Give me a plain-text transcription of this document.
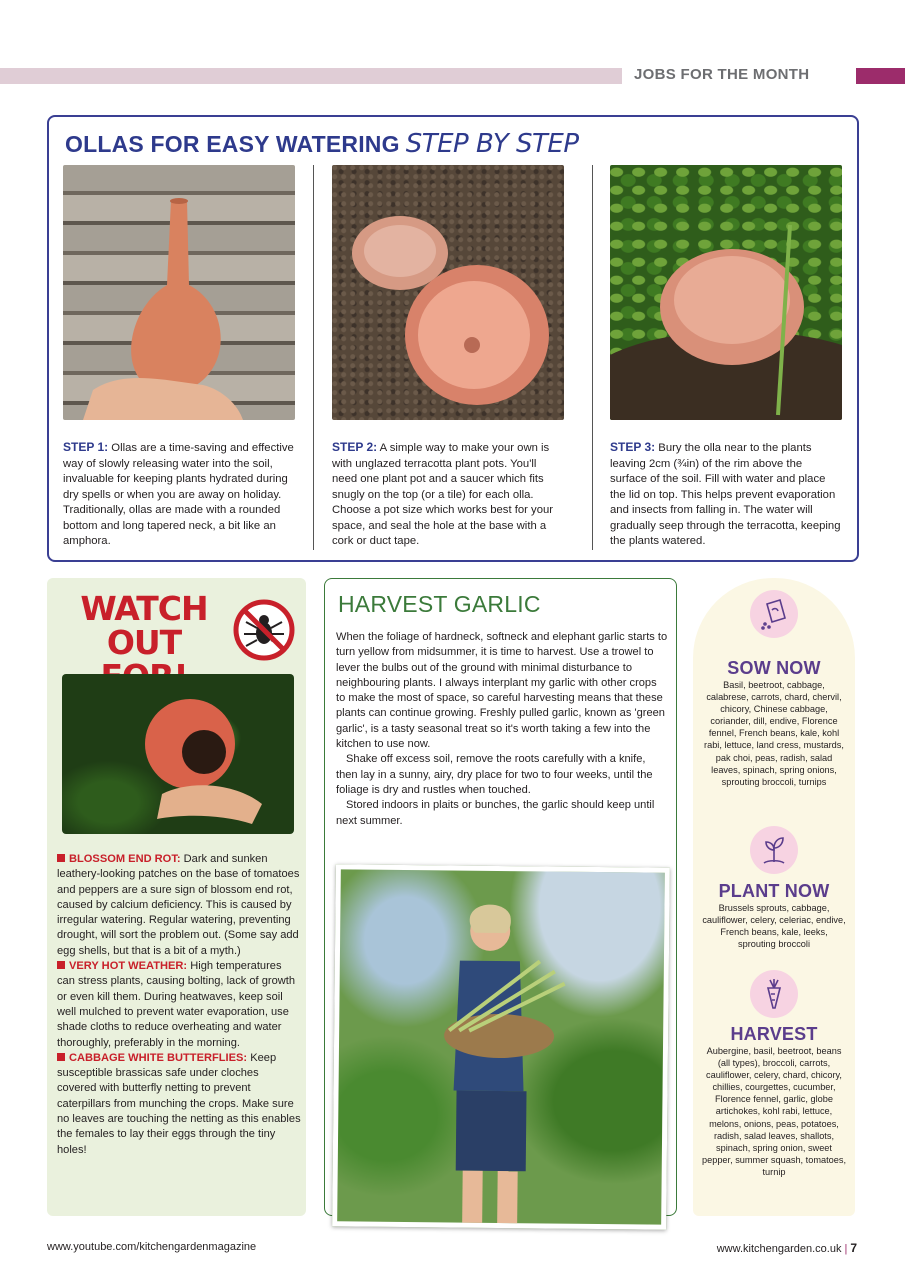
JOBS FOR THE MONTH
OLLAS FOR EASY WATERING STEP BY STEP

STEP 1: Ollas are a time-saving and effective way of slowly releasing water into the soil, invaluable for keeping plants hydrated during dry spells or when you are away on holiday. Traditionally, ollas are made with a rounded bottom and long tapered neck, a bit like an amphora.

STEP 2: A simple way to make your own is with unglazed terracotta plant pots. You'll need one plant pot and a saucer which fits snugly on the top (or a tile) for each olla. Choose a pot size which works best for your space, and seal the hole at the base with a cork or duct tape.

STEP 3: Bury the olla near to the plants leaving 2cm (¾in) of the rim above the surface of the soil. Fill with water and place the lid on top. This helps prevent evaporation and insects from falling in. The water will gradually seep through the terracotta, keeping the plants watered.

WATCH
OUT
BLOSSOM END ROT: Dark and sunken leathery-looking patches on the base of tomatoes and peppers are a sure sign of blossom end rot, caused by calcium deficiency. This is caused by irregular watering. Regular watering, preventing drought, will sort the problem out. (Some say add egg shells, but that is a bit of a myth.)
VERY HOT WEATHER: High temperatures can stress plants, causing bolting, lack of growth or even kill them. During heatwaves, keep soil well mulched to prevent water evaporation, use shade cloths to reduce overheating and water thoroughly, preferably in the morning.
CABBAGE WHITE BUTTERFLIES: Keep susceptible brassicas safe under cloches covered with butterfly netting to prevent caterpillars from munching the crops. Make sure no leaves are touching the netting as this enables the females to lay their eggs through the tiny holes!
HARVEST GARLIC

When the foliage of hardneck, softneck and elephant garlic starts to turn yellow from midsummer, it is time to harvest. Use a trowel to lever the bulbs out of the ground with minimal disturbance to neighbouring plants. I always interplant my garlic with other crops to make the most of space, so careful harvesting means that these plants can continue growing. Freshly pulled garlic, known as 'green garlic', is a tasty seasonal treat so it's worth taking a few into the kitchen to use now.

Shake off excess soil, remove the roots carefully with a knife, then lay in a sunny, airy, dry place for two to four weeks, until the foliage is dry and rustles when touched.

Stored indoors in plaits or bunches, the garlic should keep until next summer.

SOW NOW
Basil, beetroot, cabbage, calabrese, carrots, chard, chervil, chicory, Chinese cabbage, coriander, dill, endive, Florence fennel, French beans, kale, kohl rabi, lettuce, land cress, mustards, pak choi, peas, radish, salad leaves, spinach, spring onions, sprouting broccoli, turnips
PLANT NOW
Brussels sprouts, cabbage, cauliflower, celery, celeriac, endive, French beans, kale, leeks, sprouting broccoli
HARVEST
Aubergine, basil, beetroot, beans (all types), broccoli, carrots, cauliflower, celery, chard, chicory, chillies, courgettes, cucumber, Florence fennel, garlic, globe artichokes, kohl rabi, lettuce, melons, onions, peas, potatoes, radish, salad leaves, shallots, spinach, spring onion, sweet pepper, summer squash, tomatoes, turnip
www.youtube.com/kitchengardenmagazine	www.kitchengarden.co.uk | 7
